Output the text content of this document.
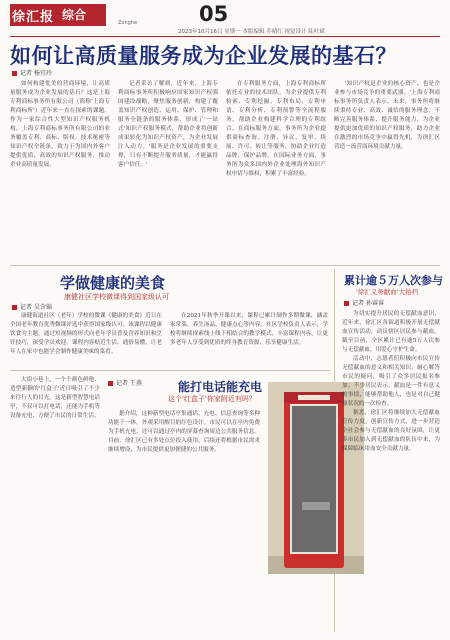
徐汇报 综合	05
Zonghe
2023年10月16日 星期一 本版编辑 乔晴红 视觉设计 陆叶斌
如何让高质量服务成为企业发展的基石？
记者 杨宜玲

如何构建优美的营商环境，让高质量服务成为企业发展的基石？这是上海专利商标事务所有限公司（简称'上海专利商标所'）近年来一直在探索的课题。作为一家综合性大型知识产权服务机构，上海专利商标事务所有限公司的业务覆盖专利、商标、版权、技术秘密等知识产权全链条，致力于为国内外客户提供优质、高效的知识产权服务，推动企业高质量发展。

记者采访了解到，近年来，上海专利商标事务所积极响应国家知识产权强国建设战略，聚焦服务创新，构建了覆盖知识产权创造、运用、保护、管理和服务全链条的服务体系，形成了'一站式'知识产权服务模式，帮助企业将创新成果转化为知识产权资产，为企业发展注入动力。'服务是企业发展的重要支撑，只有不断提升服务质量，才能赢得客户信任。'

在专利服务方面，上海专利商标所依托专业的技术团队，为企业提供专利检索、专利挖掘、专利布局、专利申请、专利分析、专利预警等全流程服务，帮助企业构建科学合理的专利组合。在商标服务方面，事务所为企业提供商标查询、注册、异议、复审、续展、许可、转让等服务，协助企业打造品牌、保护品牌。在国际业务方面，事务所为众多国内外企业处理海外知识产权申请与维权，积累了丰富经验。

'知识产权是企业的核心资产，也是企业参与市场竞争的重要武器。'上海专利商标事务所负责人表示，未来，事务所将继续秉持专业、高效、诚信的服务理念，不断完善服务体系，提升服务能力，为企业提供更加优质的知识产权服务，助力企业在激烈的市场竞争中赢得先机，为徐汇区营造一流营商环境贡献力量。

学做健康的美食
康健社区学校微课得到国家级认可
记者 吴含锦

康健街道社区（老年）学校的微课《健康的美食》近日在全国老年教育优秀微课评选中获得国家级认可。该课程以健康饮食为主题，通过短视频的形式向老年学员普及营养知识和烹饪技巧，深受学员欢迎。课程内容贴近生活、通俗易懂，让老年人在家中也能学会制作健康美味的菜肴。

在2021年秋季开课以来，课程已累计制作多期微课，涵盖家常菜、养生汤品、健康点心等内容。社区学校负责人表示，学校将继续探索线上线下相结合的教学模式，丰富课程内容，让更多老年人享受到优质的终身教育资源，乐享健康生活。

大街小巷上，一个个颜色鲜艳、造型新颖的'红盒子'近日吸引了不少来往行人的目光。这是新型智慧电话亭，不仅可以打电话，还能为手机等设备充电，方便了市民的日常生活。

能打电话能充电
这个'红盒子'你家附近有吗？
记者 王燕

据介绍，这种新型电话亭集通话、充电、信息查询等多种功能于一体，外观采用醒目的红色设计。市民可以在亭内免费为手机充电，还可以通过亭内的屏幕查询周边公共服务信息。目前，徐汇区已有多处点位投入使用，后续还将根据市民需求继续增设，为市民提供更加便捷的公共服务。

累计逾５万人次参与
'徐汇义务献血'大拍档
记者 孙睿睿

为切实提升居民的无偿献血意识，近年来，徐汇区各街道积极开展无偿献血宣传活动，动员辖区居民参与献血。截至目前，全区累计已有逾5万人次参与无偿献血，用爱心守护生命。

活动中，志愿者们积极向市民宣传无偿献血的意义和相关知识，耐心解答市民的疑问，吸引了众多居民报名参加。不少居民表示，献血是一件有意义的事情，能够帮助他人，也是对自己健康状况的一次检查。

据悉，徐汇区将继续加大无偿献血宣传力度，创新宣传方式，进一步营造全社会参与无偿献血的良好氛围，让更多市民加入到无偿献血的队伍中来，为保障临床用血安全贡献力量。
